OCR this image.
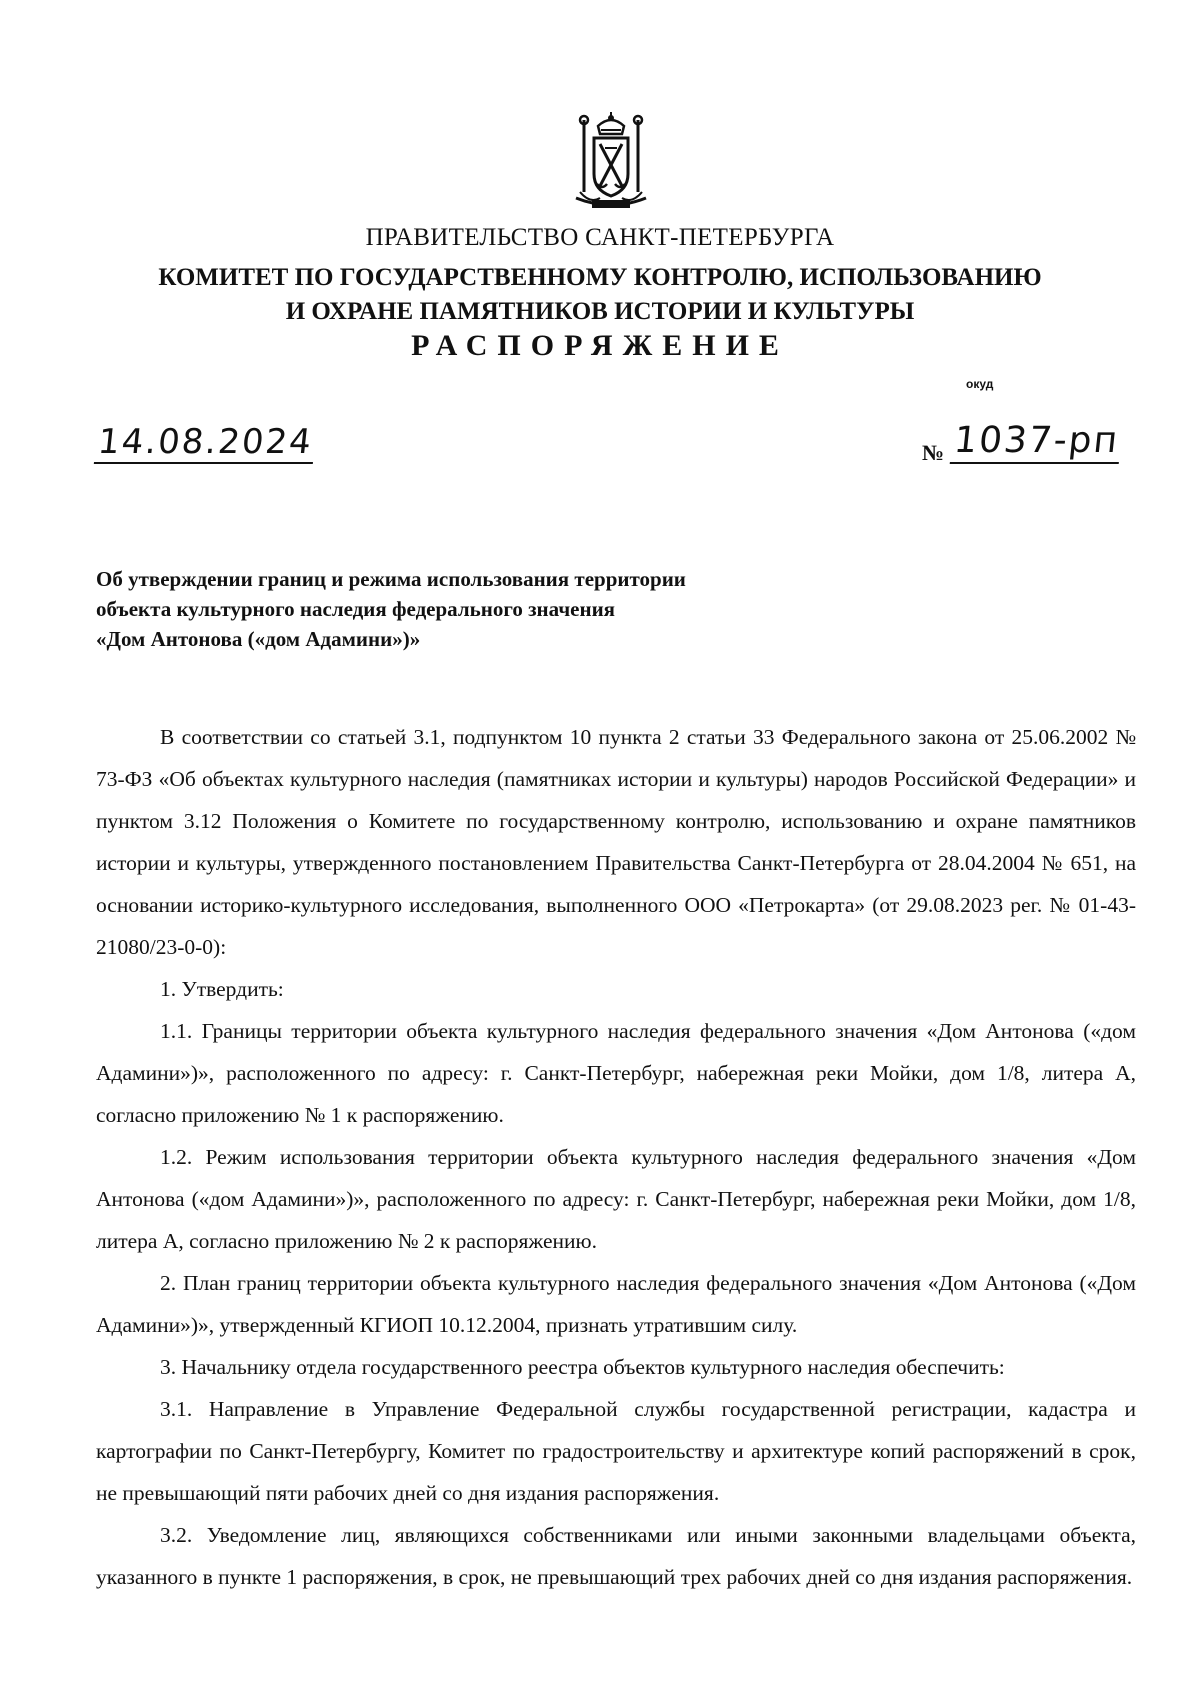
ПРАВИТЕЛЬСТВО САНКТ-ПЕТЕРБУРГА
КОМИТЕТ ПО ГОСУДАРСТВЕННОМУ КОНТРОЛЮ, ИСПОЛЬЗОВАНИЮ
И ОХРАНЕ ПАМЯТНИКОВ ИСТОРИИ И КУЛЬТУРЫ
РАСПОРЯЖЕНИЕ
окуд
14.08.2024	№ 1037-рп
Об утверждении границ и режима использования территории
объекта культурного наследия федерального значения
«Дом Антонова («дом Адамини»)»
В соответствии со статьей 3.1, подпунктом 10 пункта 2 статьи 33 Федерального закона от 25.06.2002 № 73-ФЗ «Об объектах культурного наследия (памятниках истории и культуры) народов Российской Федерации» и пунктом 3.12 Положения о Комитете по государственному контролю, использованию и охране памятников истории и культуры, утвержденного постановлением Правительства Санкт-Петербурга от 28.04.2004 № 651, на основании историко-культурного исследования, выполненного ООО «Петрокарта» (от 29.08.2023 рег. № 01-43-21080/23-0-0):
1. Утвердить:
1.1. Границы территории объекта культурного наследия федерального значения «Дом Антонова («дом Адамини»)», расположенного по адресу: г. Санкт-Петербург, набережная реки Мойки, дом 1/8, литера А, согласно приложению № 1 к распоряжению.
1.2. Режим использования территории объекта культурного наследия федерального значения «Дом Антонова («дом Адамини»)», расположенного по адресу: г. Санкт-Петербург, набережная реки Мойки, дом 1/8, литера А, согласно приложению № 2 к распоряжению.
2. План границ территории объекта культурного наследия федерального значения «Дом Антонова («Дом Адамини»)», утвержденный КГИОП 10.12.2004, признать утратившим силу.
3. Начальнику отдела государственного реестра объектов культурного наследия обеспечить:
3.1. Направление в Управление Федеральной службы государственной регистрации, кадастра и картографии по Санкт-Петербургу, Комитет по градостроительству и архитектуре копий распоряжений в срок, не превышающий пяти рабочих дней со дня издания распоряжения.
3.2. Уведомление лиц, являющихся собственниками или иными законными владельцами объекта, указанного в пункте 1 распоряжения, в срок, не превышающий трех рабочих дней со дня издания распоряжения.
